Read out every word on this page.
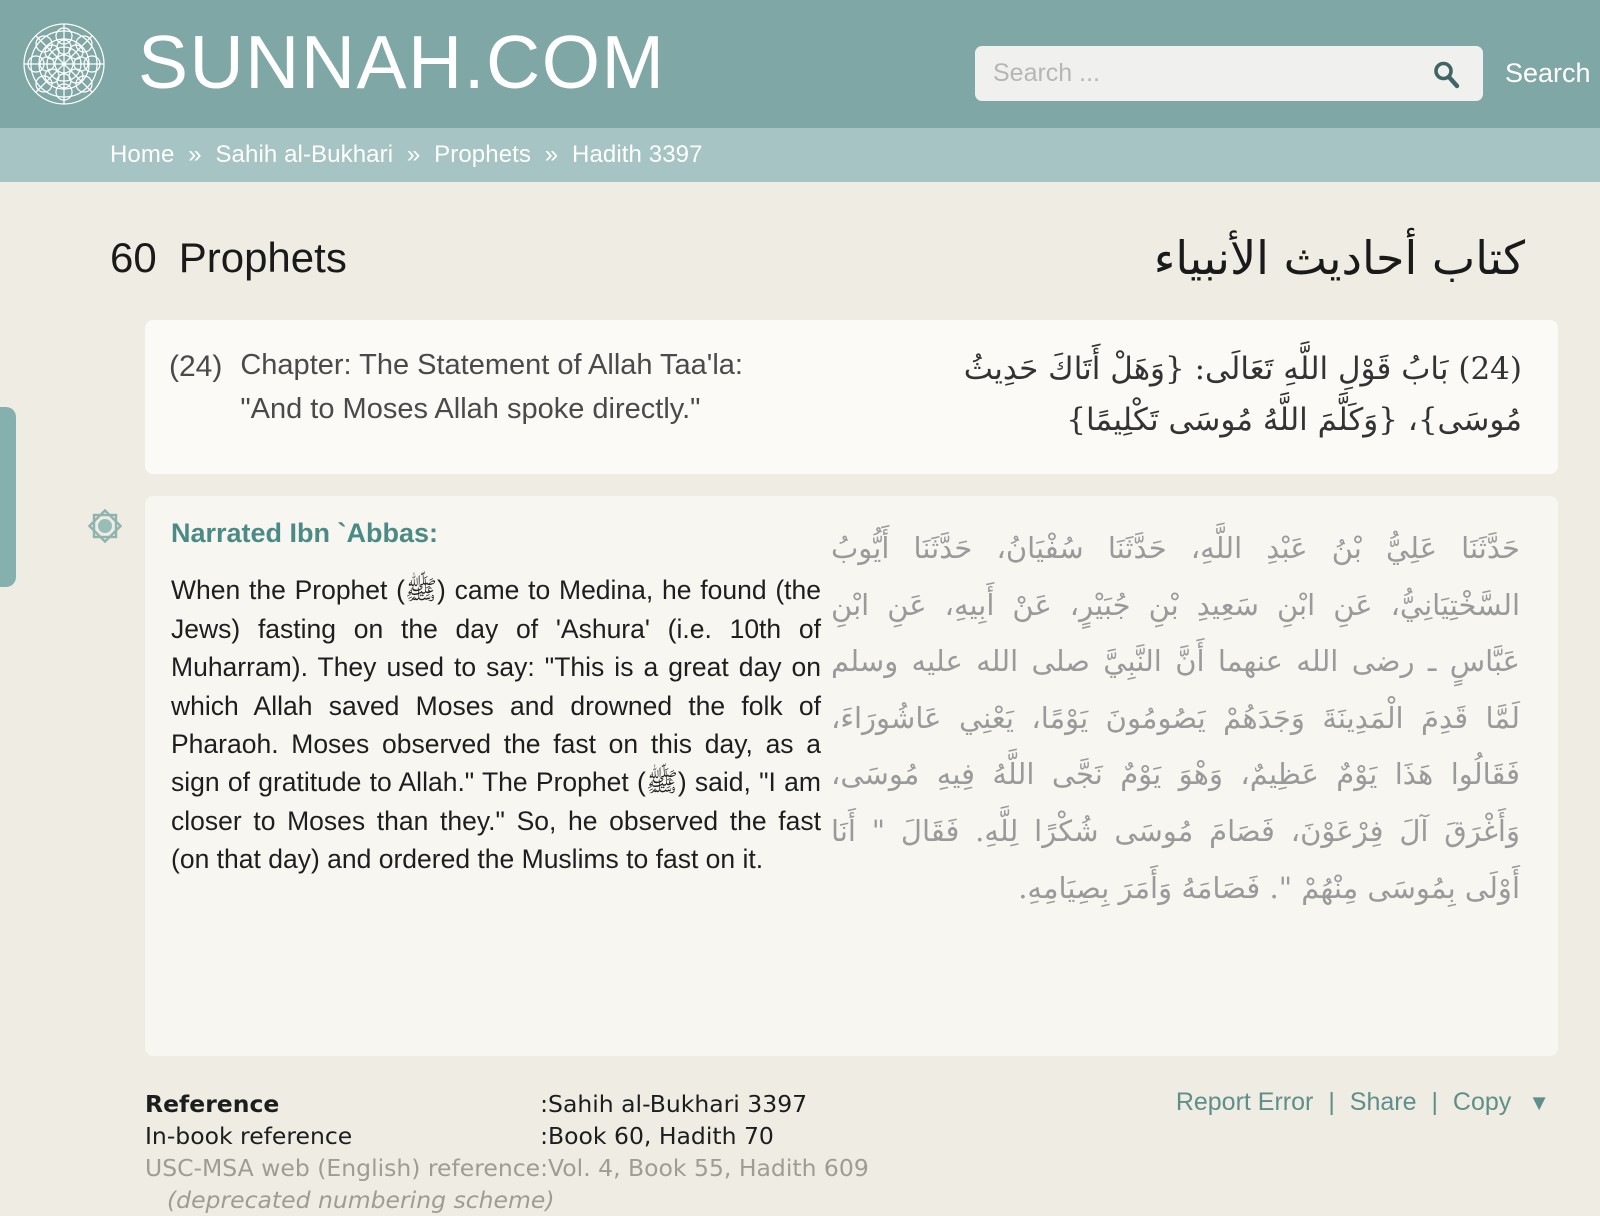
SUNNAH.COM
Search ...	Search
Home » Sahih al-Bukhari » Prophets » Hadith 3397
60 Prophets	كتاب أحاديث الأنبياء
(24) Chapter: The Statement of Allah Taa'la:
"And to Moses Allah spoke directly."
(24) بَابُ قَوْلِ اللَّهِ تَعَالَى: {وَهَلْ أَتَاكَ حَدِيثُ مُوسَى}، {وَكَلَّمَ اللَّهُ مُوسَى تَكْلِيمًا}
Narrated Ibn `Abbas:
When the Prophet (ﷺ) came to Medina, he found (the Jews) fasting on the day of 'Ashura' (i.e. 10th of Muharram). They used to say: "This is a great day on which Allah saved Moses and drowned the folk of Pharaoh. Moses observed the fast on this day, as a sign of gratitude to Allah." The Prophet (ﷺ) said, "I am closer to Moses than they." So, he observed the fast (on that day) and ordered the Muslims to fast on it.
حَدَّثَنَا عَلِيُّ بْنُ عَبْدِ اللَّهِ، حَدَّثَنَا سُفْيَانُ، حَدَّثَنَا أَيُّوبُ السَّخْتِيَانِيُّ، عَنِ ابْنِ سَعِيدِ بْنِ جُبَيْرٍ، عَنْ أَبِيهِ، عَنِ ابْنِ عَبَّاسٍ ـ رضى الله عنهما أَنَّ النَّبِيَّ صلى الله عليه وسلم لَمَّا قَدِمَ الْمَدِينَةَ وَجَدَهُمْ يَصُومُونَ يَوْمًا، يَعْنِي عَاشُورَاءَ، فَقَالُوا هَذَا يَوْمٌ عَظِيمٌ، وَهْوَ يَوْمٌ نَجَّى اللَّهُ فِيهِ مُوسَى، وَأَغْرَقَ آلَ فِرْعَوْنَ، فَصَامَ مُوسَى شُكْرًا لِلَّهِ. فَقَالَ " أَنَا أَوْلَى بِمُوسَى مِنْهُمْ ". فَصَامَهُ وَأَمَرَ بِصِيَامِهِ.
Reference	:	Sahih al-Bukhari 3397
In-book reference	:	Book 60, Hadith 70
USC-MSA web (English) reference	:	Vol. 4, Book 55, Hadith 609
(deprecated numbering scheme)		
Report Error | Share | Copy ▼
